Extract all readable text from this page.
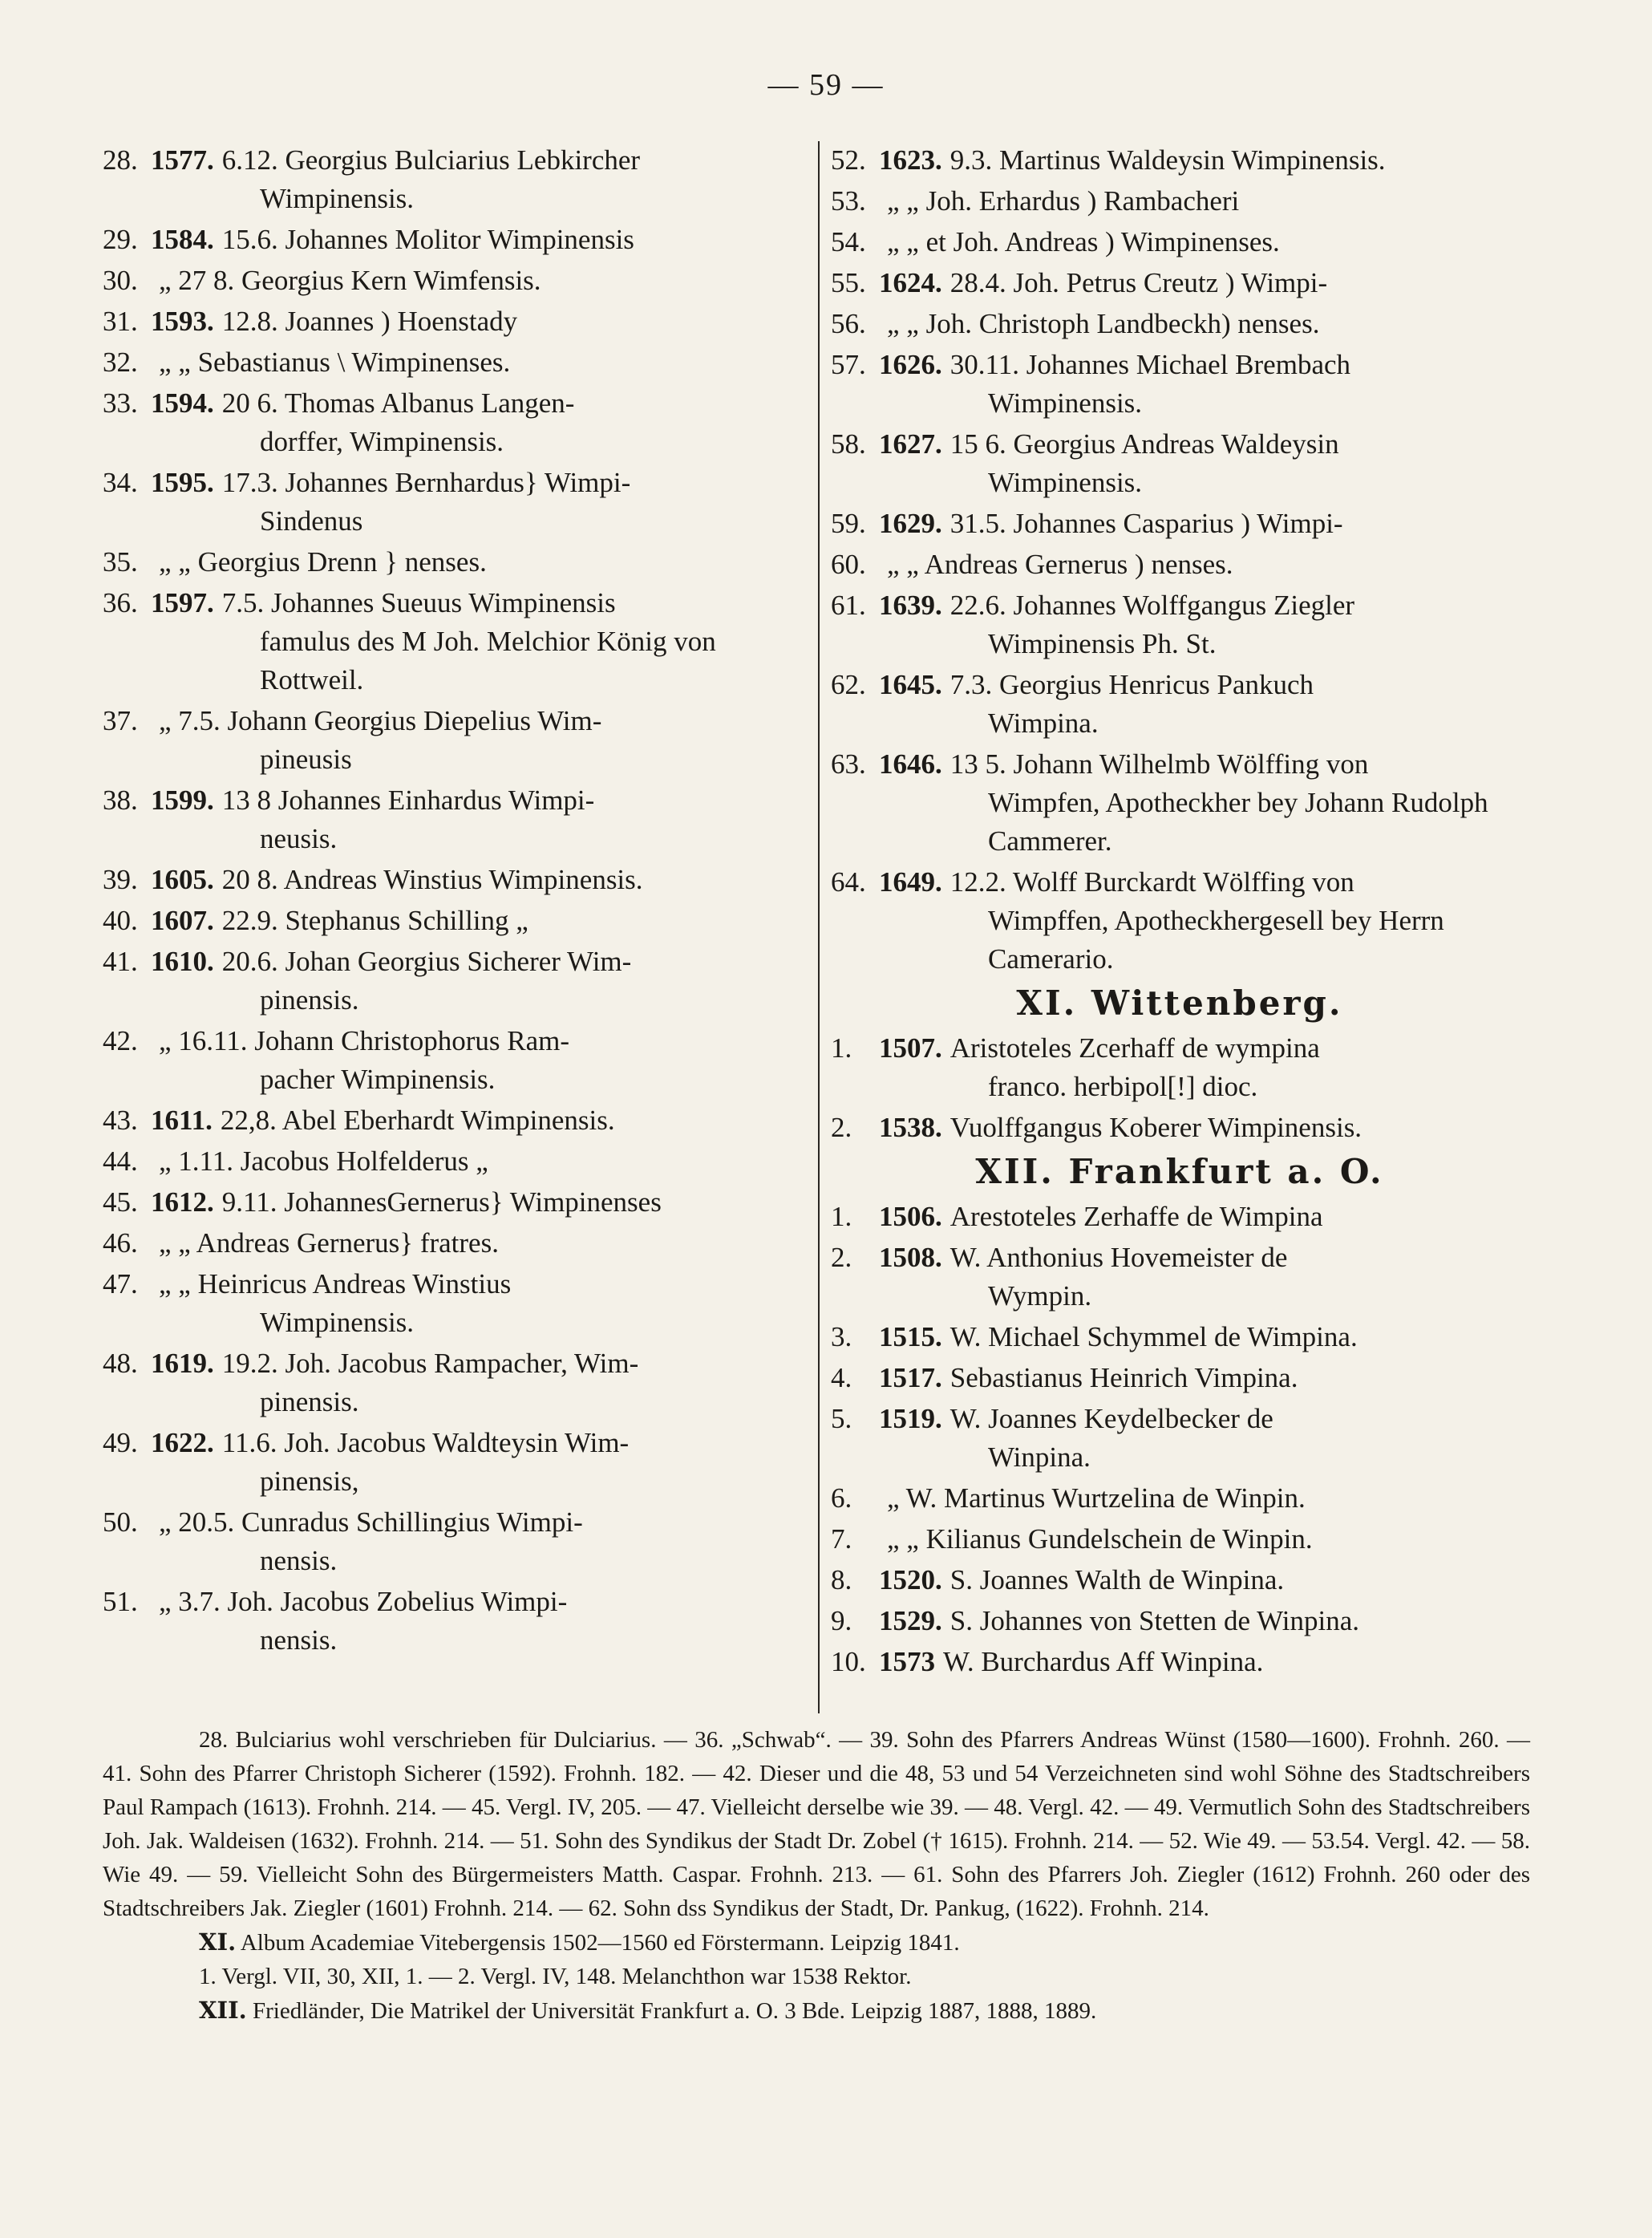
— 59 —
28. 1577. 6.12. Georgius Bulciarius Lebkircher
Wimpinensis.
29. 1584. 15.6. Johannes Molitor Wimpinensis
30. „ 27 8. Georgius Kern Wimfensis.
31. 1593. 12.8. Joannes ) Hoenstady
32. „ „ Sebastianus \ Wimpinenses.
33. 1594. 20 6. Thomas Albanus Langen-
dorffer, Wimpinensis.
34. 1595. 17.3. Johannes Bernhardus} Wimpi-
Sindenus
35. „ „ Georgius Drenn } nenses.
36. 1597. 7.5. Johannes Sueuus Wimpinensis
famulus des M Joh. Melchior König von Rottweil.
37. „ 7.5. Johann Georgius Diepelius Wim-
pineusis
38. 1599. 13 8 Johannes Einhardus Wimpi-
neusis.
39. 1605. 20 8. Andreas Winstius Wimpinensis.
40. 1607. 22.9. Stephanus Schilling „
41. 1610. 20.6. Johan Georgius Sicherer Wim-
pinensis.
42. „ 16.11. Johann Christophorus Ram-
pacher Wimpinensis.
43. 1611. 22,8. Abel Eberhardt Wimpinensis.
44. „ 1.11. Jacobus Holfelderus „
45. 1612. 9.11. JohannesGernerus} Wimpinenses
46. „ „ Andreas Gernerus} fratres.
47. „ „ Heinricus Andreas Winstius
Wimpinensis.
48. 1619. 19.2. Joh. Jacobus Rampacher, Wim-
pinensis.
49. 1622. 11.6. Joh. Jacobus Waldteysin Wim-
pinensis,
50. „ 20.5. Cunradus Schillingius Wimpi-
nensis.
51. „ 3.7. Joh. Jacobus Zobelius Wimpi-
nensis.
52. 1623. 9.3. Martinus Waldeysin Wimpinensis.
53. „ „ Joh. Erhardus ) Rambacheri
54. „ „ et Joh. Andreas ) Wimpinenses.
55. 1624. 28.4. Joh. Petrus Creutz ) Wimpi-
56. „ „ Joh. Christoph Landbeckh) nenses.
57. 1626. 30.11. Johannes Michael Brembach
Wimpinensis.
58. 1627. 15 6. Georgius Andreas Waldeysin
Wimpinensis.
59. 1629. 31.5. Johannes Casparius ) Wimpi-
60. „ „ Andreas Gernerus ) nenses.
61. 1639. 22.6. Johannes Wolffgangus Ziegler
Wimpinensis Ph. St.
62. 1645. 7.3. Georgius Henricus Pankuch
Wimpina.
63. 1646. 13 5. Johann Wilhelmb Wölffing von
Wimpfen, Apotheckher bey Johann Rudolph Cammerer.
64. 1649. 12.2. Wolff Burckardt Wölffing von
Wimpffen, Apotheckhergesell bey Herrn Camerario.
XI. Wittenberg.
1. 1507. Aristoteles Zcerhaff de wympina
franco. herbipol[!] dioc.
2. 1538. Vuolffgangus Koberer Wimpinensis.
XII. Frankfurt a. O.
1. 1506. Arestoteles Zerhaffe de Wimpina
2. 1508. W. Anthonius Hovemeister de
Wympin.
3. 1515. W. Michael Schymmel de Wimpina.
4. 1517. Sebastianus Heinrich Vimpina.
5. 1519. W. Joannes Keydelbecker de
Winpina.
6. „ W. Martinus Wurtzelina de Winpin.
7. „ „ Kilianus Gundelschein de Winpin.
8. 1520. S. Joannes Walth de Winpina.
9. 1529. S. Johannes von Stetten de Winpina.
10. 1573 W. Burchardus Aff Winpina.

28. Bulciarius wohl verschrieben für Dulciarius. — 36. „Schwab“. — 39. Sohn des Pfarrers Andreas Wünst (1580—1600). Frohnh. 260. — 41. Sohn des Pfarrer Christoph Sicherer (1592). Frohnh. 182. — 42. Dieser und die 48, 53 und 54 Verzeichneten sind wohl Söhne des Stadtschreibers Paul Rampach (1613). Frohnh. 214. — 45. Vergl. IV, 205. — 47. Vielleicht derselbe wie 39. — 48. Vergl. 42. — 49. Vermutlich Sohn des Stadtschreibers Joh. Jak. Waldeisen (1632). Frohnh. 214. — 51. Sohn des Syndikus der Stadt Dr. Zobel († 1615). Frohnh. 214. — 52. Wie 49. — 53.54. Vergl. 42. — 58. Wie 49. — 59. Vielleicht Sohn des Bürgermeisters Matth. Caspar. Frohnh. 213. — 61. Sohn des Pfarrers Joh. Ziegler (1612) Frohnh. 260 oder des Stadtschreibers Jak. Ziegler (1601) Frohnh. 214. — 62. Sohn dss Syndikus der Stadt, Dr. Pankug, (1622). Frohnh. 214.

XI. Album Academiae Vitebergensis 1502—1560 ed Förstermann. Leipzig 1841.

1. Vergl. VII, 30, XII, 1. — 2. Vergl. IV, 148. Melanchthon war 1538 Rektor.

XII. Friedländer, Die Matrikel der Universität Frankfurt a. O. 3 Bde. Leipzig 1887, 1888, 1889.
